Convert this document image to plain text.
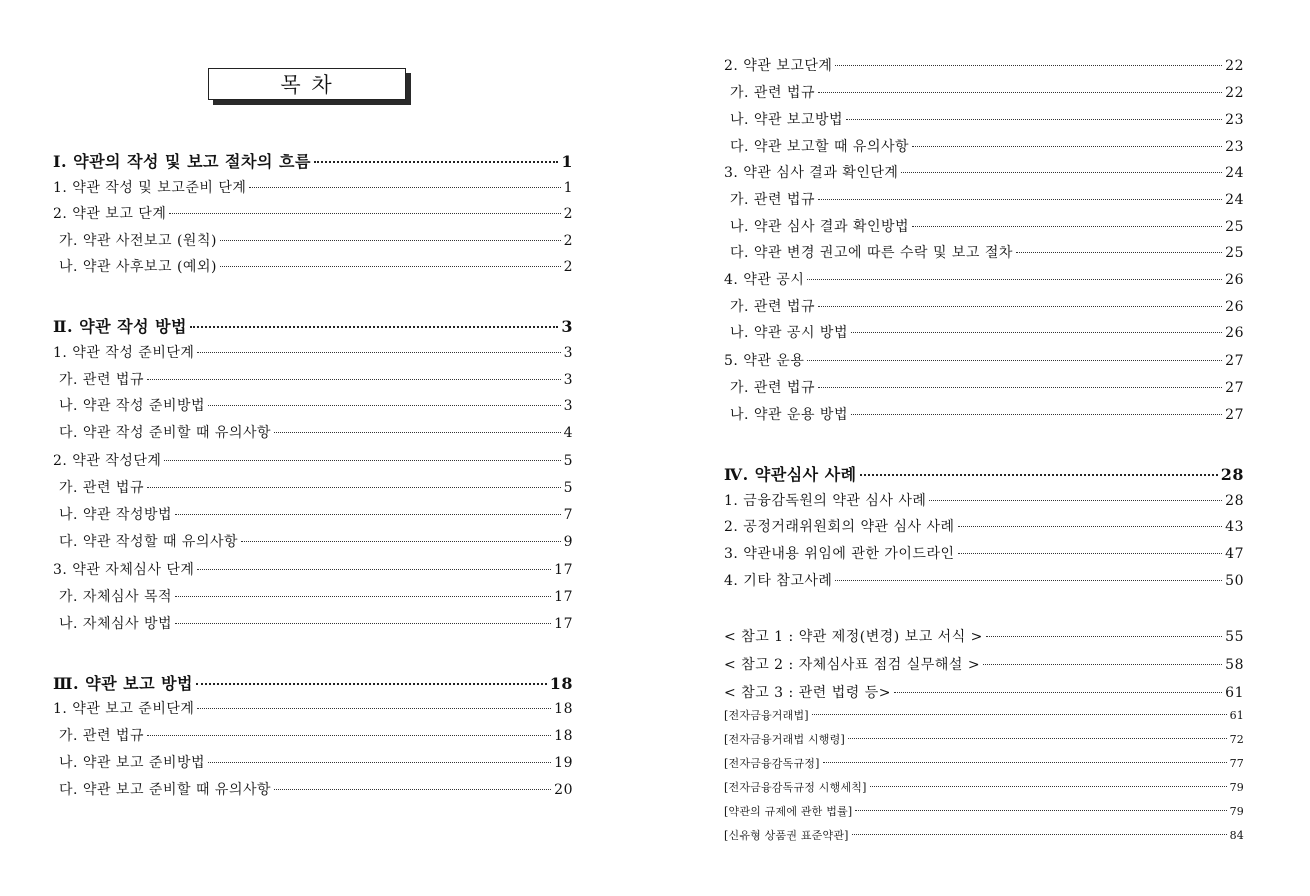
목 차
Ⅰ. 약관의 작성 및 보고 절차의 흐름	1
1. 약관 작성 및 보고준비 단계	1
2. 약관 보고 단계	2
가. 약관 사전보고 (원칙)	2
나. 약관 사후보고 (예외)	2
Ⅱ. 약관 작성 방법	3
1. 약관 작성 준비단계	3
가. 관련 법규	3
나. 약관 작성 준비방법	3
다. 약관 작성 준비할 때 유의사항	4
2. 약관 작성단계	5
가. 관련 법규	5
나. 약관 작성방법	7
다. 약관 작성할 때 유의사항	9
3. 약관 자체심사 단계	17
가. 자체심사 목적	17
나. 자체심사 방법	17
Ⅲ. 약관 보고 방법	18
1. 약관 보고 준비단계	18
가. 관련 법규	18
나. 약관 보고 준비방법	19
다. 약관 보고 준비할 때 유의사항	20
2. 약관 보고단계	22
가. 관련 법규	22
나. 약관 보고방법	23
다. 약관 보고할 때 유의사항	23
3. 약관 심사 결과 확인단계	24
가. 관련 법규	24
나. 약관 심사 결과 확인방법	25
다. 약관 변경 권고에 따른 수락 및 보고 절차	25
4. 약관 공시	26
가. 관련 법규	26
나. 약관 공시 방법	26
5. 약관 운용	27
가. 관련 법규	27
나. 약관 운용 방법	27
Ⅳ. 약관심사 사례	28
1. 금융감독원의 약관 심사 사례	28
2. 공정거래위원회의 약관 심사 사례	43
3. 약관내용 위임에 관한 가이드라인	47
4. 기타 참고사례	50
< 참고 1 : 약관 제정(변경) 보고 서식 >	55
< 참고 2 : 자체심사표 점검 실무해설 >	58
< 참고 3 : 관련 법령 등>	61
[전자금융거래법]	61
[전자금융거래법 시행령]	72
[전자금융감독규정]	77
[전자금융감독규정 시행세칙]	79
[약관의 규제에 관한 법률]	79
[신유형 상품권 표준약관]	84
